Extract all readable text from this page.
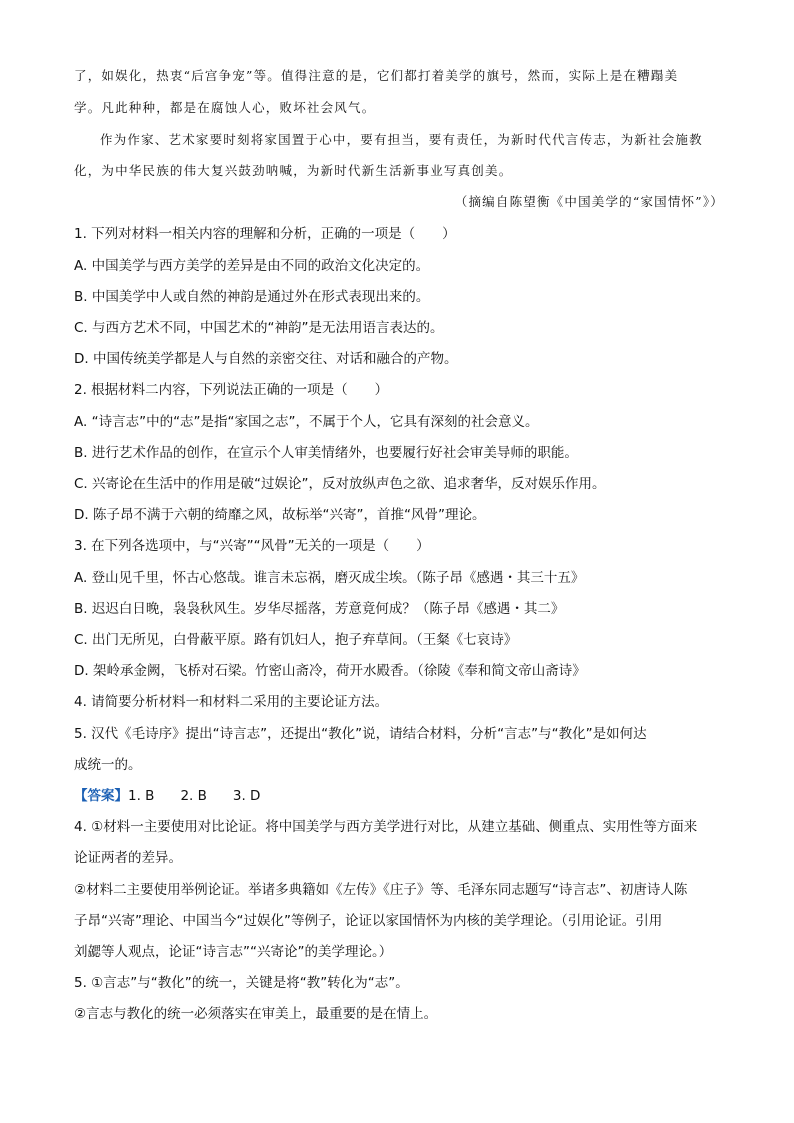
了，如娱化，热衷“后宫争宠”等。值得注意的是，它们都打着美学的旗号，然而，实际上是在糟蹋美
学。凡此种种，都是在腐蚀人心，败坏社会风气。
作为作家、艺术家要时刻将家国置于心中，要有担当，要有责任，为新时代代言传志，为新社会施教
化，为中华民族的伟大复兴鼓劲呐喊，为新时代新生活新事业写真创美。
（摘编自陈望衡《中国美学的“家国情怀”》）
1. 下列对材料一相关内容的理解和分析，正确的一项是（　　）
A. 中国美学与西方美学的差异是由不同的政治文化决定的。
B. 中国美学中人或自然的神韵是通过外在形式表现出来的。
C. 与西方艺术不同，中国艺术的“神韵”是无法用语言表达的。
D. 中国传统美学都是人与自然的亲密交往、对话和融合的产物。
2. 根据材料二内容，下列说法正确的一项是（　　）
A. “诗言志”中的“志”是指“家国之志”，不属于个人，它具有深刻的社会意义。
B. 进行艺术作品的创作，在宣示个人审美情绪外，也要履行好社会审美导师的职能。
C. 兴寄论在生活中的作用是破“过娱论”，反对放纵声色之欲、追求奢华，反对娱乐作用。
D. 陈子昂不满于六朝的绮靡之风，故标举“兴寄”，首推“风骨”理论。
3. 在下列各选项中，与“兴寄”“风骨”无关的一项是（　　）
A. 登山见千里，怀古心悠哉。谁言未忘祸，磨灭成尘埃。（陈子昂《感遇・其三十五》
B. 迟迟白日晚，袅袅秋风生。岁华尽摇落，芳意竟何成？（陈子昂《感遇・其二》
C. 出门无所见，白骨蔽平原。路有饥妇人，抱子弃草间。（王粲《七哀诗》
D. 架岭承金阙，飞桥对石梁。竹密山斋冷，荷开水殿香。（徐陵《奉和简文帝山斋诗》
4. 请简要分析材料一和材料二采用的主要论证方法。
5. 汉代《毛诗序》提出“诗言志”，还提出“教化”说，请结合材料，分析“言志”与“教化”是如何达
成统一的。
【答案】1. B 2. B 3. D
4. ①材料一主要使用对比论证。将中国美学与西方美学进行对比，从建立基础、侧重点、实用性等方面来
论证两者的差异。
②材料二主要使用举例论证。举诸多典籍如《左传》《庄子》等、毛泽东同志题写“诗言志”、初唐诗人陈
子昂“兴寄”理论、中国当今“过娱化”等例子，论证以家国情怀为内核的美学理论。（引用论证。引用
刘勰等人观点，论证“诗言志”“兴寄论”的美学理论。）
5. ①言志”与“教化”的统一，关键是将“教”转化为“志”。
②言志与教化的统一必须落实在审美上，最重要的是在情上。
